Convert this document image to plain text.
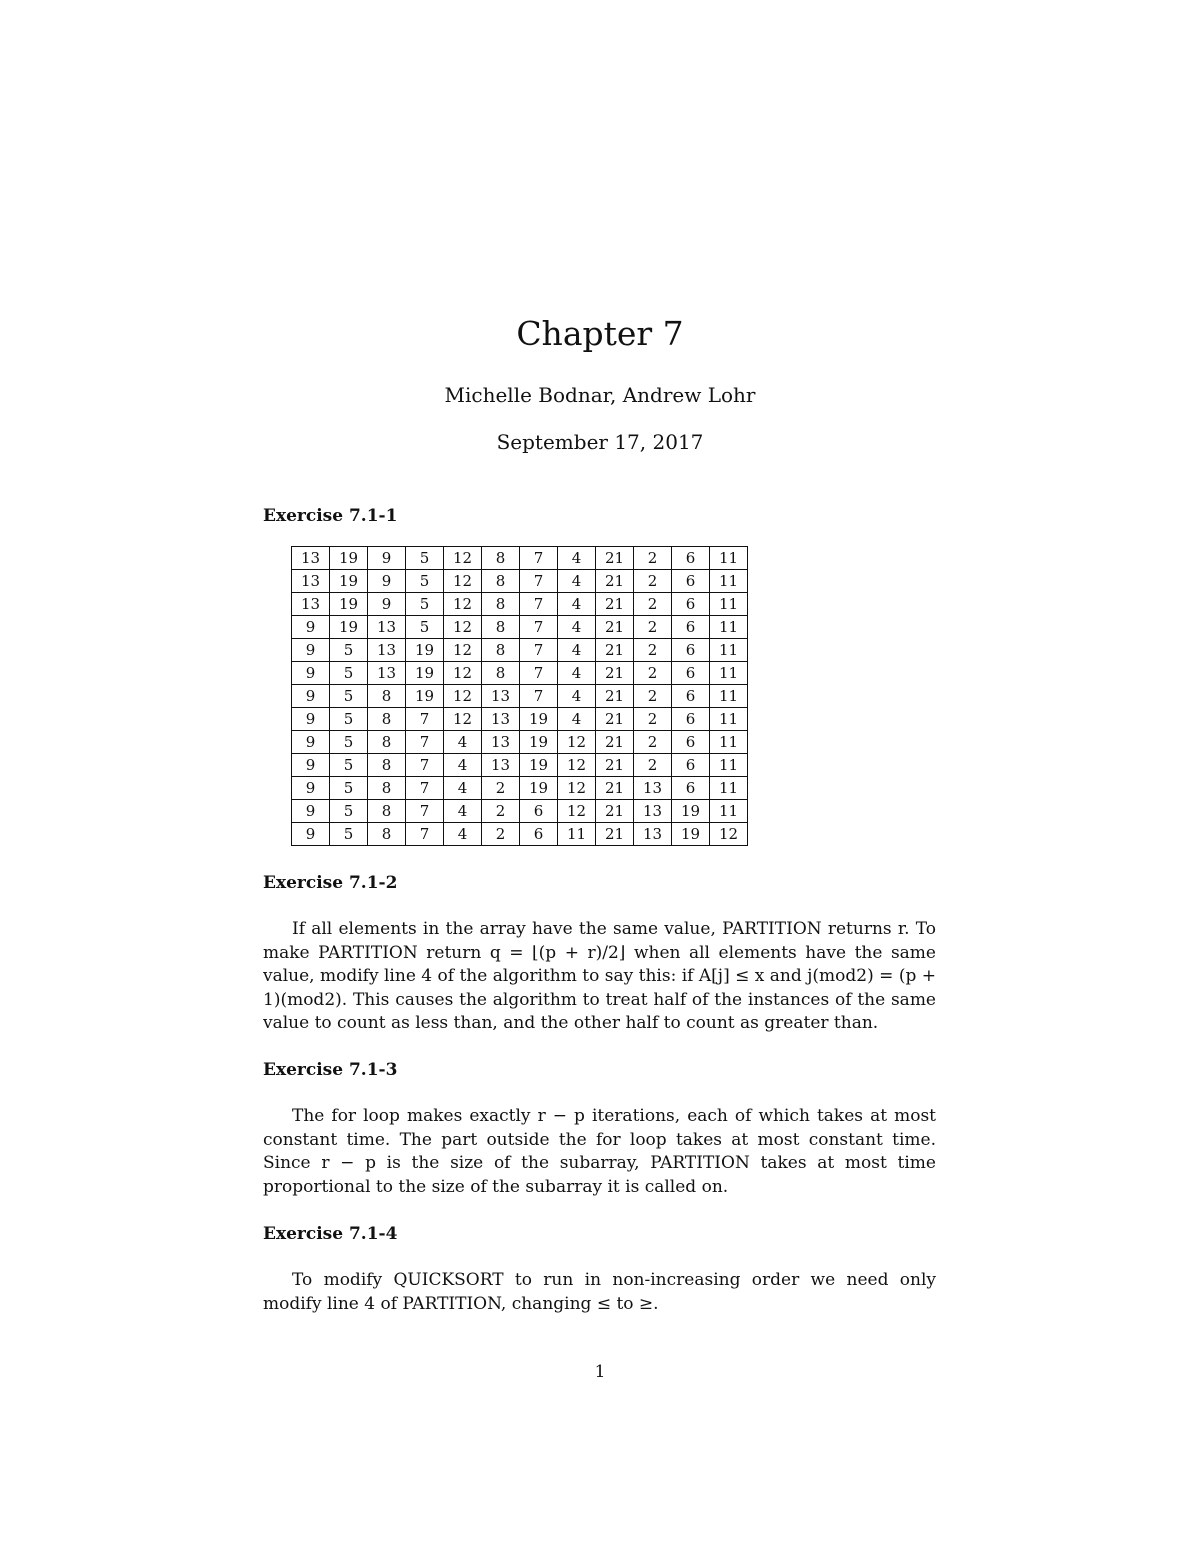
Chapter 7
Michelle Bodnar, Andrew Lohr
September 17, 2017
Exercise 7.1-1
13	19	9	5	12	8	7	4	21	2	6	11
13	19	9	5	12	8	7	4	21	2	6	11
13	19	9	5	12	8	7	4	21	2	6	11
9	19	13	5	12	8	7	4	21	2	6	11
9	5	13	19	12	8	7	4	21	2	6	11
9	5	13	19	12	8	7	4	21	2	6	11
9	5	8	19	12	13	7	4	21	2	6	11
9	5	8	7	12	13	19	4	21	2	6	11
9	5	8	7	4	13	19	12	21	2	6	11
9	5	8	7	4	13	19	12	21	2	6	11
9	5	8	7	4	2	19	12	21	13	6	11
9	5	8	7	4	2	6	12	21	13	19	11
9	5	8	7	4	2	6	11	21	13	19	12
Exercise 7.1-2

If all elements in the array have the same value, PARTITION returns r. To make PARTITION return q = ⌊(p + r)/2⌋ when all elements have the same value, modify line 4 of the algorithm to say this: if A[j] ≤ x and j(mod2) = (p + 1)(mod2). This causes the algorithm to treat half of the instances of the same value to count as less than, and the other half to count as greater than.

Exercise 7.1-3

The for loop makes exactly r − p iterations, each of which takes at most constant time. The part outside the for loop takes at most constant time. Since r − p is the size of the subarray, PARTITION takes at most time proportional to the size of the subarray it is called on.

Exercise 7.1-4

To modify QUICKSORT to run in non-increasing order we need only modify line 4 of PARTITION, changing ≤ to ≥.

1
